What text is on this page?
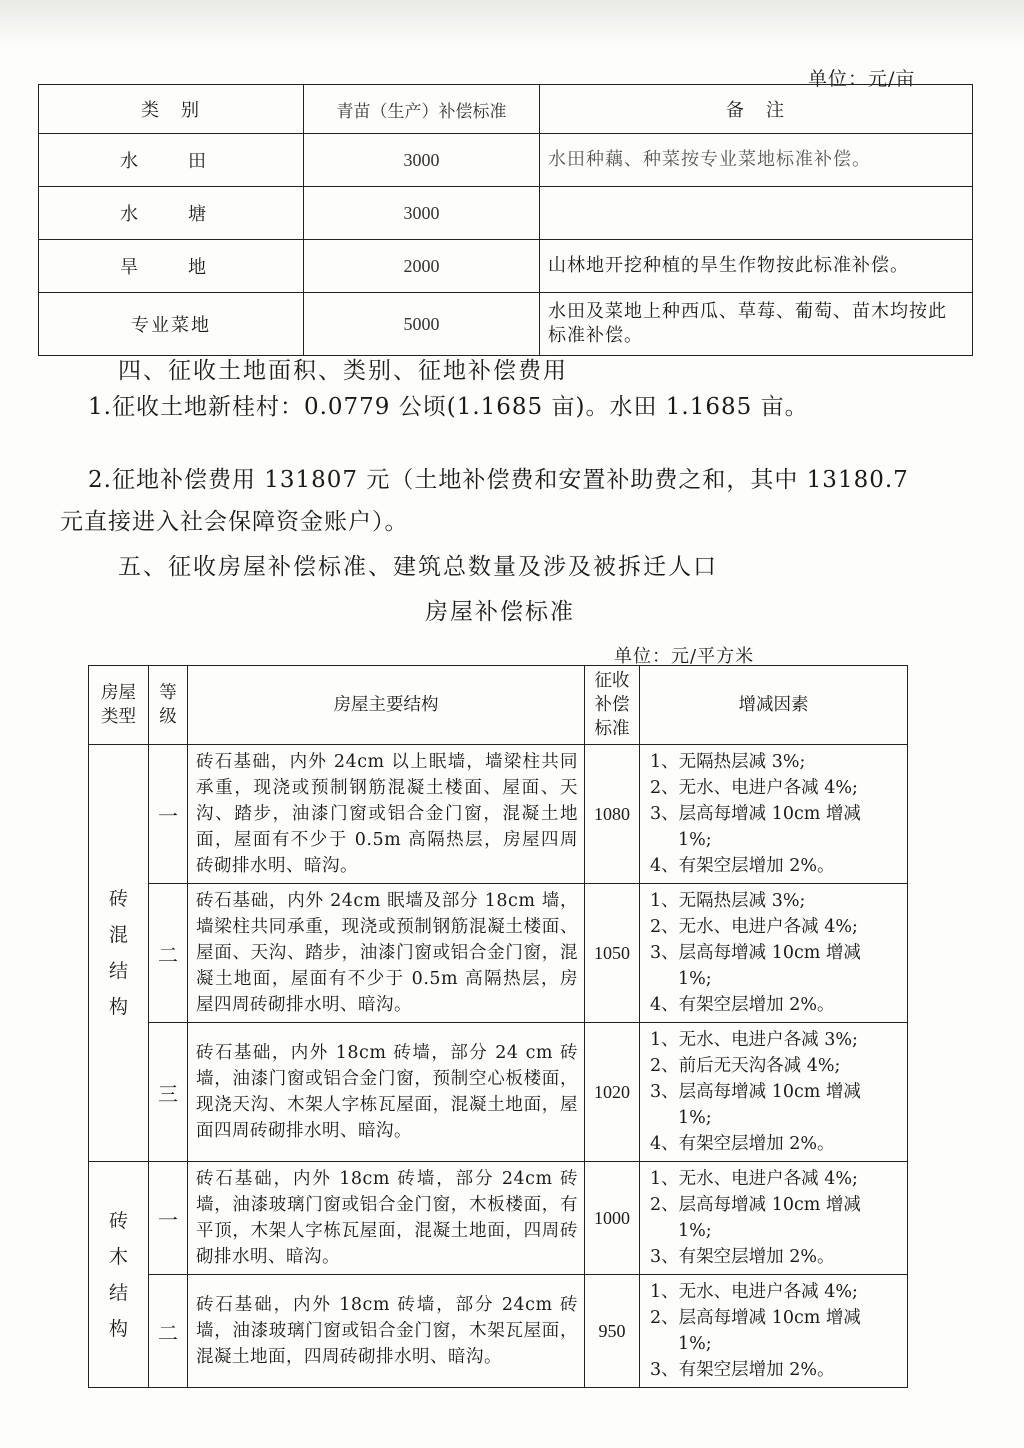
单位：元/亩
类　别	青苗（生产）补偿标准	备　注
水　田	3000	水田种藕、种菜按专业菜地标准补偿。
水　塘	3000	
旱　地	2000	山林地开挖种植的旱生作物按此标准补偿。
专业菜地	5000	水田及菜地上种西瓜、草莓、葡萄、苗木均按此标准补偿。
四、征收土地面积、类别、征地补偿费用
1.征收土地新桂村：0.0779 公顷(1.1685 亩)。水田 1.1685 亩。
2.征地补偿费用 131807 元（土地补偿费和安置补助费之和，其中 13180.7
元直接进入社会保障资金账户）。
五、征收房屋补偿标准、建筑总数量及涉及被拆迁人口
房屋补偿标准
单位：元/平方米
房屋类型	等级	房屋主要结构	征收补偿标准	增减因素

砖混结构	一	砖石基础，内外 24cm 以上眠墙，墙梁柱共同承重，现浇或预制钢筋混凝土楼面、屋面、天沟、踏步，油漆门窗或铝合金门窗，混凝土地面，屋面有不少于 0.5m 高隔热层，房屋四周砖砌排水明、暗沟。	1080	1、无隔热层减 3%;
2、无水、电进户各减 4%;
3、层高每增减 10cm 增减
1%;
4、有架空层增加 2%。

	二	砖石基础，内外 24cm 眠墙及部分 18cm 墙，墙梁柱共同承重，现浇或预制钢筋混凝土楼面、屋面、天沟、踏步，油漆门窗或铝合金门窗，混凝土地面，屋面有不少于 0.5m 高隔热层，房屋四周砖砌排水明、暗沟。	1050	1、无隔热层减 3%;
2、无水、电进户各减 4%;
3、层高每增减 10cm 增减
1%;
4、有架空层增加 2%。

	三	砖石基础，内外 18cm 砖墙，部分 24 cm 砖墙，油漆门窗或铝合金门窗，预制空心板楼面，现浇天沟、木架人字栋瓦屋面，混凝土地面，屋面四周砖砌排水明、暗沟。	1020	1、无水、电进户各减 3%;
2、前后无天沟各减 4%;
3、层高每增减 10cm 增减
1%;
4、有架空层增加 2%。

砖木结构	一	砖石基础，内外 18cm 砖墙，部分 24cm 砖墙，油漆玻璃门窗或铝合金门窗，木板楼面，有平顶，木架人字栋瓦屋面，混凝土地面，四周砖砌排水明、暗沟。	1000	1、无水、电进户各减 4%;
2、层高每增减 10cm 增减
1%;
3、有架空层增加 2%。

	二	砖石基础，内外 18cm 砖墙，部分 24cm 砖墙，油漆玻璃门窗或铝合金门窗，木架瓦屋面，混凝土地面，四周砖砌排水明、暗沟。	950	1、无水、电进户各减 4%;
2、层高每增减 10cm 增减
1%;
3、有架空层增加 2%。
